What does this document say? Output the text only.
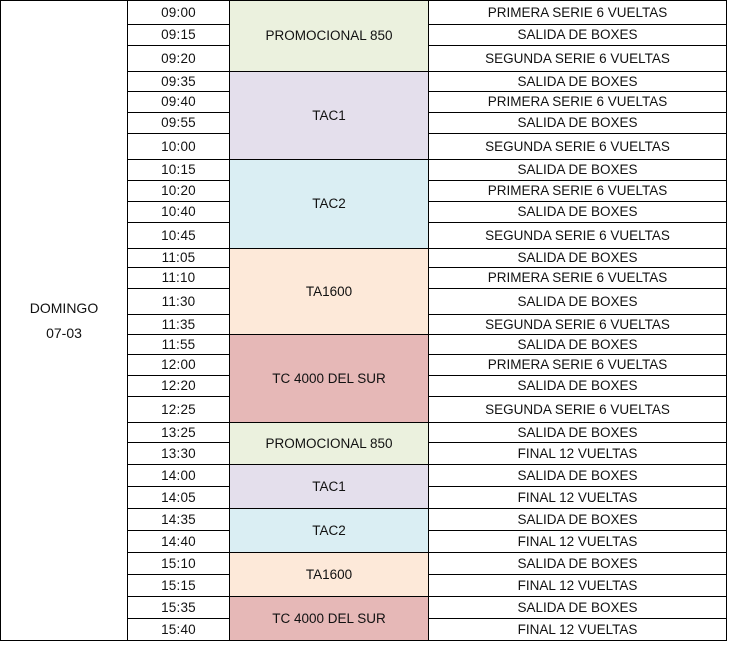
DOMINGO
07-03	09:00	PROMOCIONAL 850	PRIMERA SERIE 6 VUELTAS
	09:15		SALIDA DE BOXES
	09:20		SEGUNDA SERIE 6 VUELTAS
	09:35	TAC1	SALIDA DE BOXES
	09:40		PRIMERA SERIE 6 VUELTAS
	09:55		SALIDA DE BOXES
	10:00		SEGUNDA SERIE 6 VUELTAS
	10:15	TAC2	SALIDA DE BOXES
	10:20		PRIMERA SERIE 6 VUELTAS
	10:40		SALIDA DE BOXES
	10:45		SEGUNDA SERIE 6 VUELTAS
	11:05	TA1600	SALIDA DE BOXES
	11:10		PRIMERA SERIE 6 VUELTAS
	11:30		SALIDA DE BOXES
	11:35		SEGUNDA SERIE 6 VUELTAS
	11:55	TC 4000 DEL SUR	SALIDA DE BOXES
	12:00		PRIMERA SERIE 6 VUELTAS
	12:20		SALIDA DE BOXES
	12:25		SEGUNDA SERIE 6 VUELTAS
	13:25	PROMOCIONAL 850	SALIDA DE BOXES
	13:30		FINAL 12 VUELTAS
	14:00	TAC1	SALIDA DE BOXES
	14:05		FINAL 12 VUELTAS
	14:35	TAC2	SALIDA DE BOXES
	14:40		FINAL 12 VUELTAS
	15:10	TA1600	SALIDA DE BOXES
	15:15		FINAL 12 VUELTAS
	15:35	TC 4000 DEL SUR	SALIDA DE BOXES
	15:40		FINAL 12 VUELTAS
